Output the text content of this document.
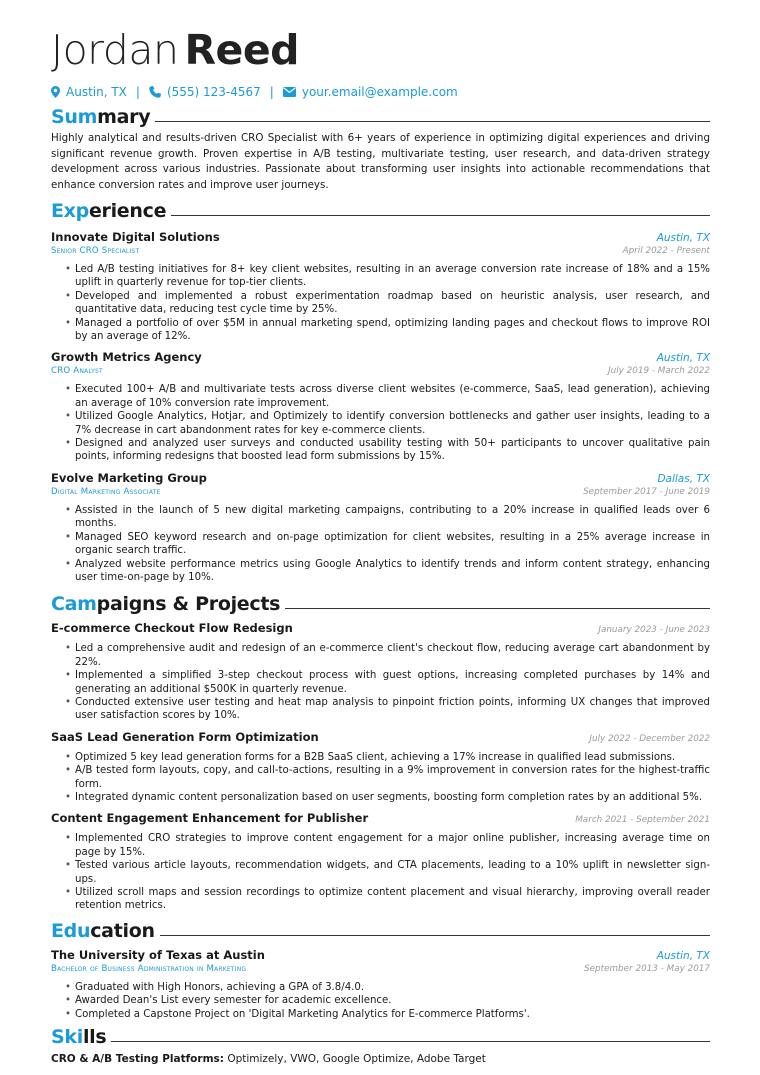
Jordan Reed
Austin, TX | (555) 123-4567 | your.email@example.com
Summary

Highly analytical and results-driven CRO Specialist with 6+ years of experience in optimizing digital experiences and driving significant revenue growth. Proven expertise in A/B testing, multivariate testing, user research, and data-driven strategy development across various industries. Passionate about transforming user insights into actionable recommendations that enhance conversion rates and improve user journeys.

Experience
Innovate Digital Solutions	Austin, TX
Senior CRO Specialist	April 2022 - Present
• Led A/B testing initiatives for 8+ key client websites, resulting in an average conversion rate increase of 18% and a 15% uplift in quarterly revenue for top-tier clients.
• Developed and implemented a robust experimentation roadmap based on heuristic analysis, user research, and quantitative data, reducing test cycle time by 25%.
• Managed a portfolio of over $5M in annual marketing spend, optimizing landing pages and checkout flows to improve ROI by an average of 12%.
Growth Metrics Agency	Austin, TX
CRO Analyst	July 2019 - March 2022
• Executed 100+ A/B and multivariate tests across diverse client websites (e-commerce, SaaS, lead generation), achieving an average of 10% conversion rate improvement.
• Utilized Google Analytics, Hotjar, and Optimizely to identify conversion bottlenecks and gather user insights, leading to a 7% decrease in cart abandonment rates for key e-commerce clients.
• Designed and analyzed user surveys and conducted usability testing with 50+ participants to uncover qualitative pain points, informing redesigns that boosted lead form submissions by 15%.
Evolve Marketing Group	Dallas, TX
Digital Marketing Associate	September 2017 - June 2019
• Assisted in the launch of 5 new digital marketing campaigns, contributing to a 20% increase in qualified leads over 6 months.
• Managed SEO keyword research and on-page optimization for client websites, resulting in a 25% average increase in organic search traffic.
• Analyzed website performance metrics using Google Analytics to identify trends and inform content strategy, enhancing user time-on-page by 10%.
Campaigns & Projects
E-commerce Checkout Flow Redesign	January 2023 - June 2023
• Led a comprehensive audit and redesign of an e-commerce client's checkout flow, reducing average cart abandonment by 22%.
• Implemented a simplified 3-step checkout process with guest options, increasing completed purchases by 14% and generating an additional $500K in quarterly revenue.
• Conducted extensive user testing and heat map analysis to pinpoint friction points, informing UX changes that improved user satisfaction scores by 10%.
SaaS Lead Generation Form Optimization	July 2022 - December 2022
• Optimized 5 key lead generation forms for a B2B SaaS client, achieving a 17% increase in qualified lead submissions.
• A/B tested form layouts, copy, and call-to-actions, resulting in a 9% improvement in conversion rates for the highest-traffic form.
• Integrated dynamic content personalization based on user segments, boosting form completion rates by an additional 5%.
Content Engagement Enhancement for Publisher	March 2021 - September 2021
• Implemented CRO strategies to improve content engagement for a major online publisher, increasing average time on page by 15%.
• Tested various article layouts, recommendation widgets, and CTA placements, leading to a 10% uplift in newsletter sign-ups.
• Utilized scroll maps and session recordings to optimize content placement and visual hierarchy, improving overall reader retention metrics.
Education
The University of Texas at Austin	Austin, TX
Bachelor of Business Administration in Marketing	September 2013 - May 2017
• Graduated with High Honors, achieving a GPA of 3.8/4.0.
• Awarded Dean's List every semester for academic excellence.
• Completed a Capstone Project on 'Digital Marketing Analytics for E-commerce Platforms'.
Skills
CRO & A/B Testing Platforms: Optimizely, VWO, Google Optimize, Adobe Target
